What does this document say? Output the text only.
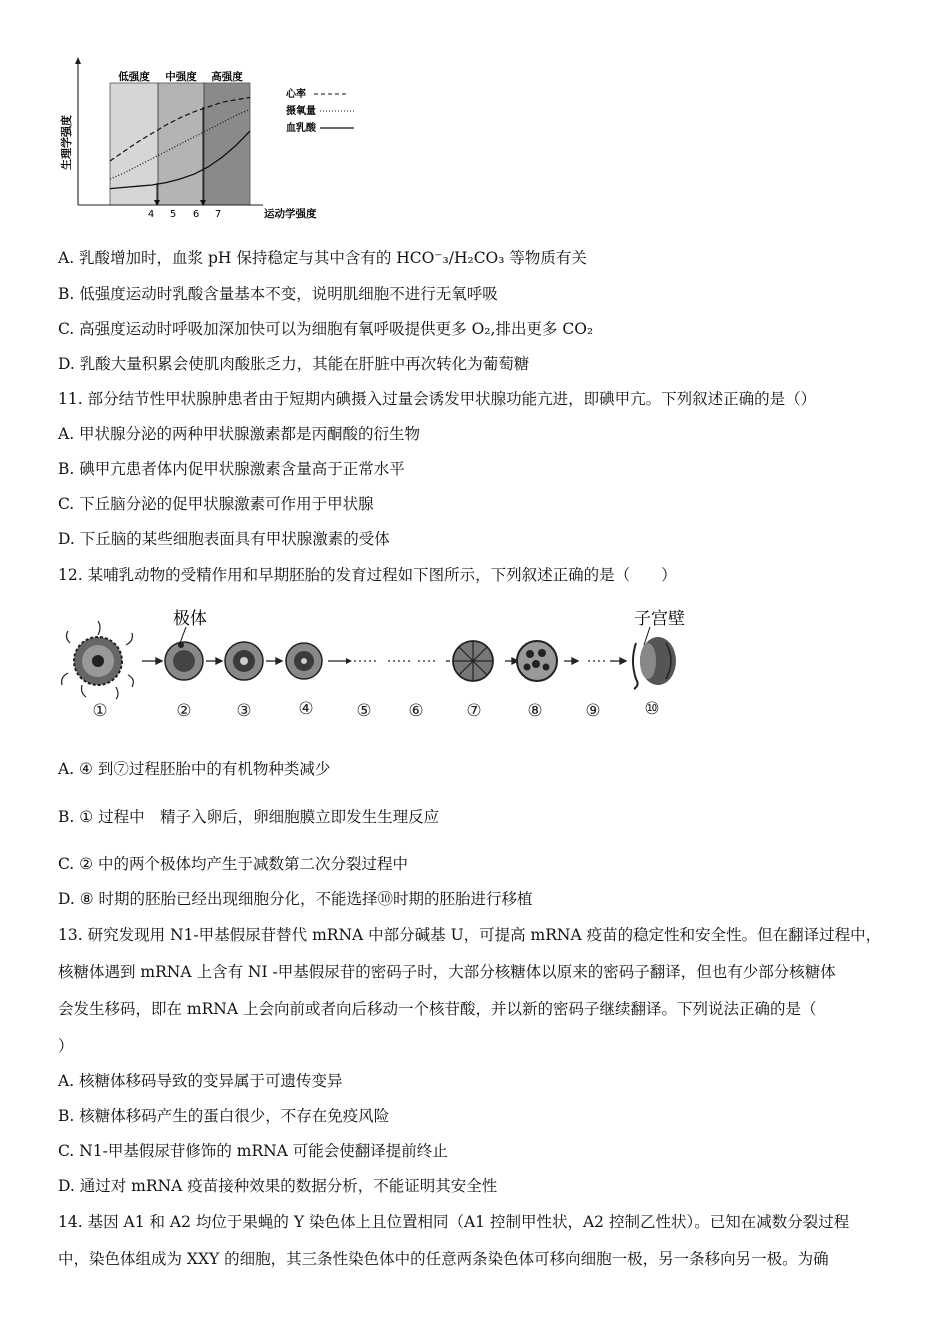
低强度 中强度 高强度
生理学强度
运动学强度
4 5 6 7
心率
摄氧量
血乳酸
A. 乳酸增加时，血浆 pH 保持稳定与其中含有的 HCO⁻₃/H₂CO₃ 等物质有关
B. 低强度运动时乳酸含量基本不变，说明肌细胞不进行无氧呼吸
C. 高强度运动时呼吸加深加快可以为细胞有氧呼吸提供更多 O₂,排出更多 CO₂
D. 乳酸大量积累会使肌肉酸胀乏力，其能在肝脏中再次转化为葡萄糖
11. 部分结节性甲状腺肿患者由于短期内碘摄入过量会诱发甲状腺功能亢进，即碘甲亢。下列叙述正确的是（）
A. 甲状腺分泌的两种甲状腺激素都是丙酮酸的衍生物
B. 碘甲亢患者体内促甲状腺激素含量高于正常水平
C. 下丘脑分泌的促甲状腺激素可作用于甲状腺
D. 下丘脑的某些细胞表面具有甲状腺激素的受体
12. 某哺乳动物的受精作用和早期胚胎的发育过程如下图所示，下列叙述正确的是（　　）
极体	子宫壁
①	②	③	④	⑤ ⑥	⑦	⑧	⑨	⑩
A. ④ 到⑦过程胚胎中的有机物种类减少
B. ① 过程中　精子入卵后，卵细胞膜立即发生生理反应
C. ② 中的两个极体均产生于减数第二次分裂过程中
D. ⑧ 时期的胚胎已经出现细胞分化，不能选择⑩时期的胚胎进行移植
13. 研究发现用 N1-甲基假尿苷替代 mRNA 中部分碱基 U，可提高 mRNA 疫苗的稳定性和安全性。但在翻译过程中，
核糖体遇到 mRNA 上含有 NI -甲基假尿苷的密码子时，大部分核糖体以原来的密码子翻译，但也有少部分核糖体
会发生移码，即在 mRNA 上会向前或者向后移动一个核苷酸，并以新的密码子继续翻译。下列说法正确的是（
）
A. 核糖体移码导致的变异属于可遗传变异
B. 核糖体移码产生的蛋白很少，不存在免疫风险
C. N1-甲基假尿苷修饰的 mRNA 可能会使翻译提前终止
D. 通过对 mRNA 疫苗接种效果的数据分析，不能证明其安全性
14. 基因 A1 和 A2 均位于果蝇的 Y 染色体上且位置相同（A1 控制甲性状，A2 控制乙性状）。已知在减数分裂过程
中，染色体组成为 XXY 的细胞，其三条性染色体中的任意两条染色体可移向细胞一极，另一条移向另一极。为确
